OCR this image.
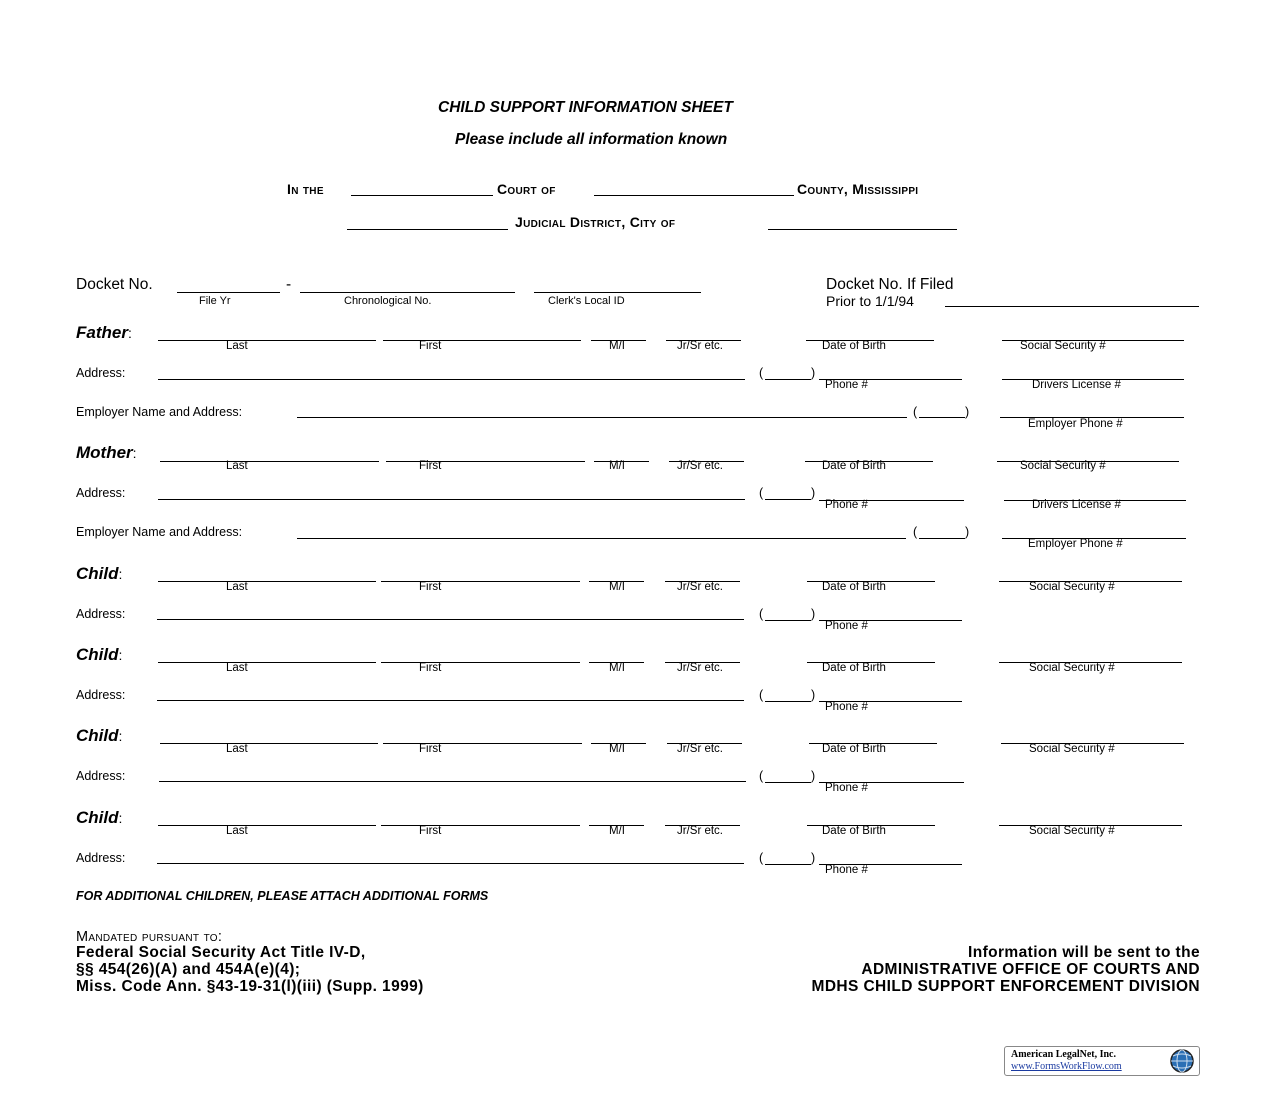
CHILD SUPPORT INFORMATION SHEET
Please include all information known
In the	Court of	County, Mississippi
Judicial District, City of
Docket No.	-
File Yr	Chronological No.	Clerk's Local ID
Docket No. If Filed
Prior to 1/1/94
Father:
Last	First	M/I	Jr/Sr etc.	Date of Birth	Social Security #
Address:	(	)
Phone #	Drivers License #
Employer Name and Address:	(	)
Employer Phone #
Mother:
Last	First	M/I	Jr/Sr etc.	Date of Birth	Social Security #
Address:	(	)
Phone #	Drivers License #
Employer Name and Address:	(	)
Employer Phone #
Child:
Last	First	M/I	Jr/Sr etc.	Date of Birth	Social Security #
Address:	(	)
Phone #
Child:
Last	First	M/I	Jr/Sr etc.	Date of Birth	Social Security #
Address:	(	)
Phone #
Child:
Last	First	M/I	Jr/Sr etc.	Date of Birth	Social Security #
Address:	(	)
Phone #
Child:
Last	First	M/I	Jr/Sr etc.	Date of Birth	Social Security #
Address:	(	)
Phone #
FOR ADDITIONAL CHILDREN, PLEASE ATTACH ADDITIONAL FORMS
Mandated pursuant to:
Federal Social Security Act Title IV-D,
§§ 454(26)(A) and 454A(e)(4);
Miss. Code Ann. §43-19-31(l)(iii) (Supp. 1999)
Information will be sent to the
ADMINISTRATIVE OFFICE OF COURTS AND
MDHS CHILD SUPPORT ENFORCEMENT DIVISION
American LegalNet, Inc.
www.FormsWorkFlow.com
